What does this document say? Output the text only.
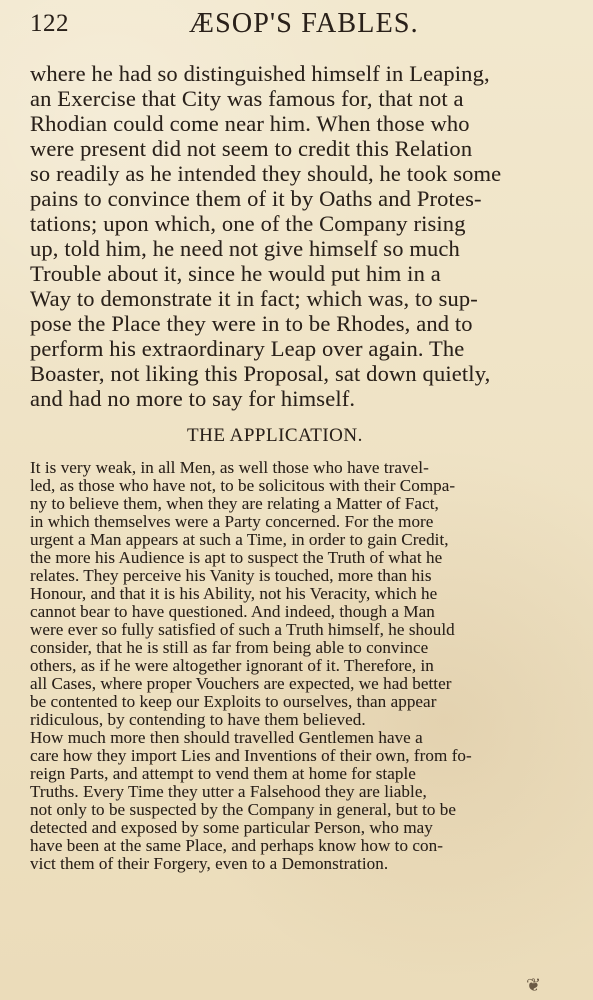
122	ÆSOP'S FABLES.
where he had so distinguished himself in Leaping,
an Exercise that City was famous for, that not a
Rhodian could come near him. When those who
were present did not seem to credit this Relation
so readily as he intended they should, he took some
pains to convince them of it by Oaths and Protes-
tations; upon which, one of the Company rising
up, told him, he need not give himself so much
Trouble about it, since he would put him in a
Way to demonstrate it in fact; which was, to sup-
pose the Place they were in to be Rhodes, and to
perform his extraordinary Leap over again. The
Boaster, not liking this Proposal, sat down quietly,
and had no more to say for himself.
THE APPLICATION.
It is very weak, in all Men, as well those who have travel-
led, as those who have not, to be solicitous with their Compa-
ny to believe them, when they are relating a Matter of Fact,
in which themselves were a Party concerned. For the more
urgent a Man appears at such a Time, in order to gain Credit,
the more his Audience is apt to suspect the Truth of what he
relates. They perceive his Vanity is touched, more than his
Honour, and that it is his Ability, not his Veracity, which he
cannot bear to have questioned. And indeed, though a Man
were ever so fully satisfied of such a Truth himself, he should
consider, that he is still as far from being able to convince
others, as if he were altogether ignorant of it. Therefore, in
all Cases, where proper Vouchers are expected, we had better
be contented to keep our Exploits to ourselves, than appear
ridiculous, by contending to have them believed.
How much more then should travelled Gentlemen have a
care how they import Lies and Inventions of their own, from fo-
reign Parts, and attempt to vend them at home for staple
Truths. Every Time they utter a Falsehood they are liable,
not only to be suspected by the Company in general, but to be
detected and exposed by some particular Person, who may
have been at the same Place, and perhaps know how to con-
vict them of their Forgery, even to a Demonstration.
❦
